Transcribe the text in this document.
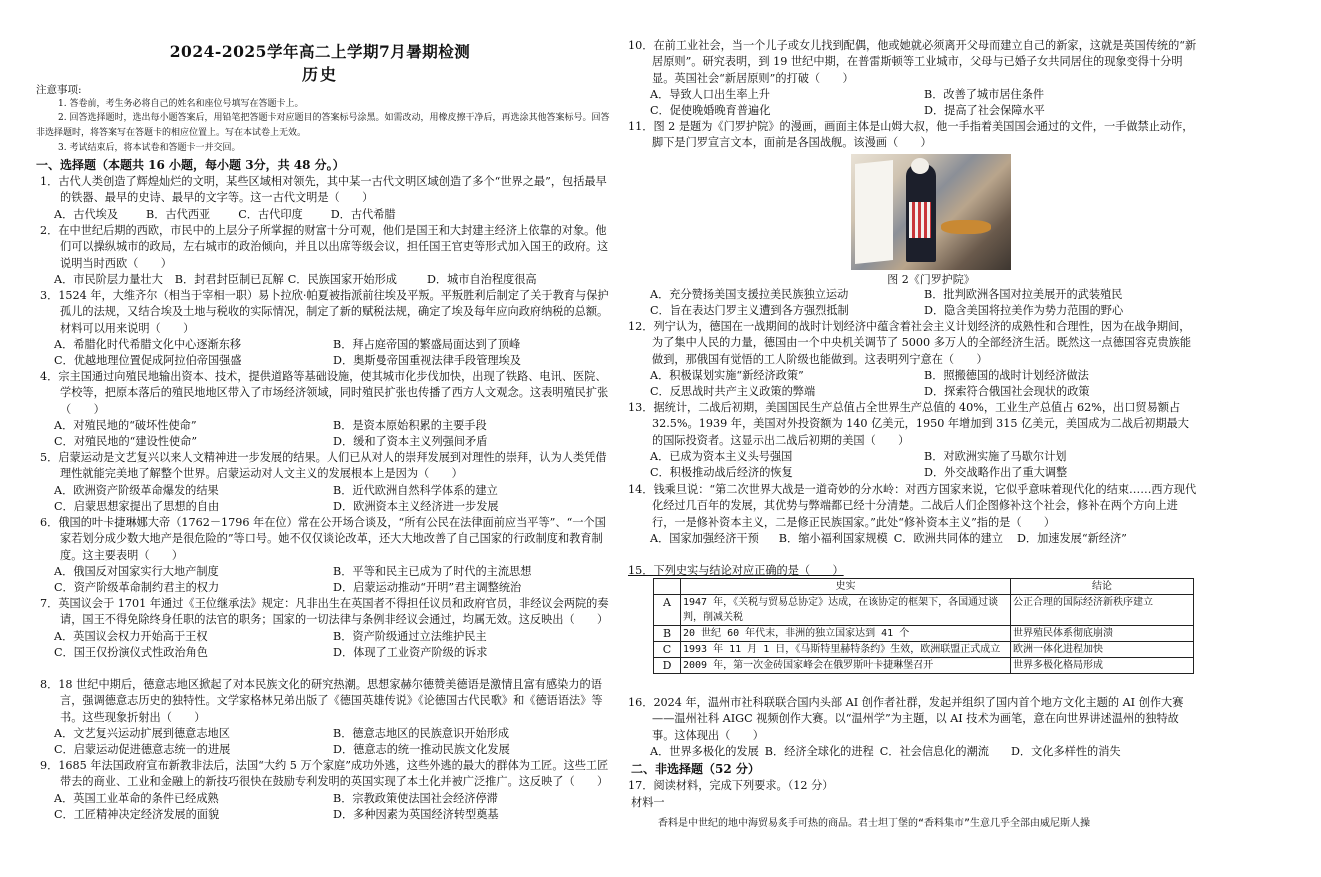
2024-2025学年高二上学期7月暑期检测
历史
注意事项:
1. 答卷前，考生务必将自己的姓名和座位号填写在答题卡上。
2. 回答选择题时，选出每小题答案后，用铅笔把答题卡对应题目的答案标号涂黑。如需改动，用橡皮擦干净后，再选涂其他答案标号。回答非选择题时，将答案写在答题卡的相应位置上。写在本试卷上无效。
3. 考试结束后，将本试卷和答题卡一并交回。
一、选择题（本题共 16 小题，每小题 3分，共 48 分。）
1．古代人类创造了辉煌灿烂的文明，某些区域相对领先，其中某一古代文明区域创造了多个“世界之最”，包括最早的铁器、最早的史诗、最早的文字等。这一古代文明是（　　）
A．古代埃及	B．古代西亚	C．古代印度	D．古代希腊
2．在中世纪后期的西欧，市民中的上层分子所掌握的财富十分可观，他们是国王和大封建主经济上依靠的对象。他们可以操纵城市的政局，左右城市的政治倾向，并且以出席等级会议，担任国王官吏等形式加入国王的政府。这说明当时西欧（　　）
A．市民阶层力量壮大 B．封君封臣制已瓦解 C．民族国家开始形成	D．城市自治程度很高
3．1524 年，大维齐尔（相当于宰相一职）易卜拉欣·帕夏被指派前往埃及平叛。平叛胜利后制定了关于教育与保护孤儿的法规，又结合埃及土地与税收的实际情况，制定了新的赋税法规，确定了埃及每年应向政府纳税的总额。材料可以用来说明（　　）
A．希腊化时代希腊文化中心逐渐东移	B．拜占庭帝国的繁盛局面达到了顶峰
C．优越地理位置促成阿拉伯帝国强盛	D．奥斯曼帝国重视法律手段管理埃及
4．宗主国通过向殖民地输出资本、技术，提供道路等基础设施，使其城市化步伐加快，出现了铁路、电讯、医院、学校等，把原本落后的殖民地地区带入了市场经济领域，同时殖民扩张也传播了西方人文观念。这表明殖民扩张（　　）
A．对殖民地的“破坏性使命”	B．是资本原始积累的主要手段
C．对殖民地的“建设性使命”	D．缓和了资本主义列强间矛盾
5．启蒙运动是文艺复兴以来人文精神进一步发展的结果。人们已从对人的崇拜发展到对理性的崇拜，认为人类凭借理性就能完美地了解整个世界。启蒙运动对人文主义的发展根本上是因为（　　）
A．欧洲资产阶级革命爆发的结果	B．近代欧洲自然科学体系的建立
C．启蒙思想家提出了思想的自由	D．欧洲资本主义经济进一步发展
6．俄国的叶卡捷琳娜大帝（1762－1796 年在位）常在公开场合谈及，“所有公民在法律面前应当平等”、“一个国家若划分成少数大地产是很危险的”等口号。她不仅仅谈论改革，还大大地改善了自己国家的行政制度和教育制度。这主要表明（　　）
A．俄国反对国家实行大地产制度	B．平等和民主已成为了时代的主流思想
C．资产阶级革命制约君主的权力	D．启蒙运动推动“开明”君主调整统治
7．英国议会于 1701 年通过《王位继承法》规定：凡非出生在英国者不得担任议员和政府官员，非经议会两院的奏请，国王不得免除终身任职的法官的职务；国家的一切法律与条例非经议会通过，均属无效。这反映出（　　）
A．英国议会权力开始高于王权	B．资产阶级通过立法维护民主
C．国王仅扮演仪式性政治角色	D．体现了工业资产阶级的诉求
8．18 世纪中期后，德意志地区掀起了对本民族文化的研究热潮。思想家赫尔德赞美德语是激情且富有感染力的语言，强调德意志历史的独特性。文学家格林兄弟出版了《德国英雄传说》《论德国古代民歌》和《德语语法》等书。这些现象折射出（　　）
A．文艺复兴运动扩展到德意志地区	B．德意志地区的民族意识开始形成
C．启蒙运动促进德意志统一的进展	D．德意志的统一推动民族文化发展
9．1685 年法国政府宣布新教非法后，法国“大约 5 万个家庭”成功外逃，这些外逃的最大的群体为工匠。这些工匠带去的商业、工业和金融上的新技巧很快在鼓励专利发明的英国实现了本土化并被广泛推广。这反映了（　　）
A．英国工业革命的条件已经成熟	B．宗教政策使法国社会经济停滞
C．工匠精神决定经济发展的面貌	D．多种因素为英国经济转型奠基
10．在前工业社会，当一个儿子或女儿找到配偶，他或她就必须离开父母而建立自己的新家，这就是英国传统的“新居原则”。研究表明，到 19 世纪中期，在普雷斯顿等工业城市，父母与已婚子女共同居住的现象变得十分明显。英国社会“新居原则”的打破（　　）
A．导致人口出生率上升	B．改善了城市居住条件
C．促使晚婚晚育普遍化	D．提高了社会保障水平
11．图 2 是题为《门罗护院》的漫画，画面主体是山姆大叔，他一手指着美国国会通过的文件，一手做禁止动作，脚下是门罗宣言文本，面前是各国战舰。该漫画（　　）
图 2《门罗护院》
A．充分赞扬美国支援拉美民族独立运动	B．批判欧洲各国对拉美展开的武装殖民
C．旨在表达门罗主义遭到各方强烈抵制	D．隐含美国将拉美作为势力范围的野心
12．列宁认为，德国在一战期间的战时计划经济中蕴含着社会主义计划经济的成熟性和合理性，因为在战争期间，为了集中人民的力量，德国由一个中央机关调节了 5000 多万人的全部经济生活。既然这一点德国容克贵族能做到，那俄国有觉悟的工人阶级也能做到。这表明列宁意在（　　）
A．积极谋划实施“新经济政策”	B．照搬德国的战时计划经济做法
C．反思战时共产主义政策的弊端	D．探索符合俄国社会现状的政策
13．据统计，二战后初期，美国国民生产总值占全世界生产总值的 40%，工业生产总值占 62%，出口贸易额占 32.5%。1939 年，美国对外投资额为 140 亿美元，1950 年增加到 315 亿美元，美国成为二战后初期最大的国际投资者。这显示出二战后初期的美国（　　）
A．已成为资本主义头号强国	B．对欧洲实施了马歇尔计划
C．积极推动战后经济的恢复	D．外交战略作出了重大调整
14．钱乘旦说：“第二次世界大战是一道奇妙的分水岭：对西方国家来说，它似乎意味着现代化的结束……西方现代化经过几百年的发展，其优势与弊端都已经十分清楚。二战后人们企图修补这个社会，修补在两个方向上进行，一是修补资本主义，二是修正民族国家。”此处“修补资本主义”指的是（　　）
A．国家加强经济干预 B．缩小福利国家规模 C．欧洲共同体的建立 D．加速发展“新经济”
15．下列史实与结论对应正确的是（　　）
	史实	结论
A	1947 年，《关税与贸易总协定》达成，在该协定的框架下，各国通过谈判，削减关税	公正合理的国际经济新秩序建立
B	20 世纪 60 年代末，非洲的独立国家达到 41 个	世界殖民体系彻底崩溃
C	1993 年 11 月 1 日，《马斯特里赫特条约》生效，欧洲联盟正式成立	欧洲一体化进程加快
D	2009 年，第一次金砖国家峰会在俄罗斯叶卡捷琳堡召开	世界多极化格局形成
16．2024 年，温州市社科联联合国内头部 AI 创作者社群，发起并组织了国内首个地方文化主题的 AI 创作大赛——温州社科 AIGC 视频创作大赛。以“温州学”为主题，以 AI 技术为画笔，意在向世界讲述温州的独特故事。这体现出（　　）
A．世界多极化的发展 B．经济全球化的进程 C．社会信息化的潮流 D．文化多样性的消失
二、非选择题（52 分）
17．阅读材料，完成下列要求。（12 分）
材料一
香料是中世纪的地中海贸易炙手可热的商品。君士坦丁堡的“香料集市”生意几乎全部由威尼斯人操
